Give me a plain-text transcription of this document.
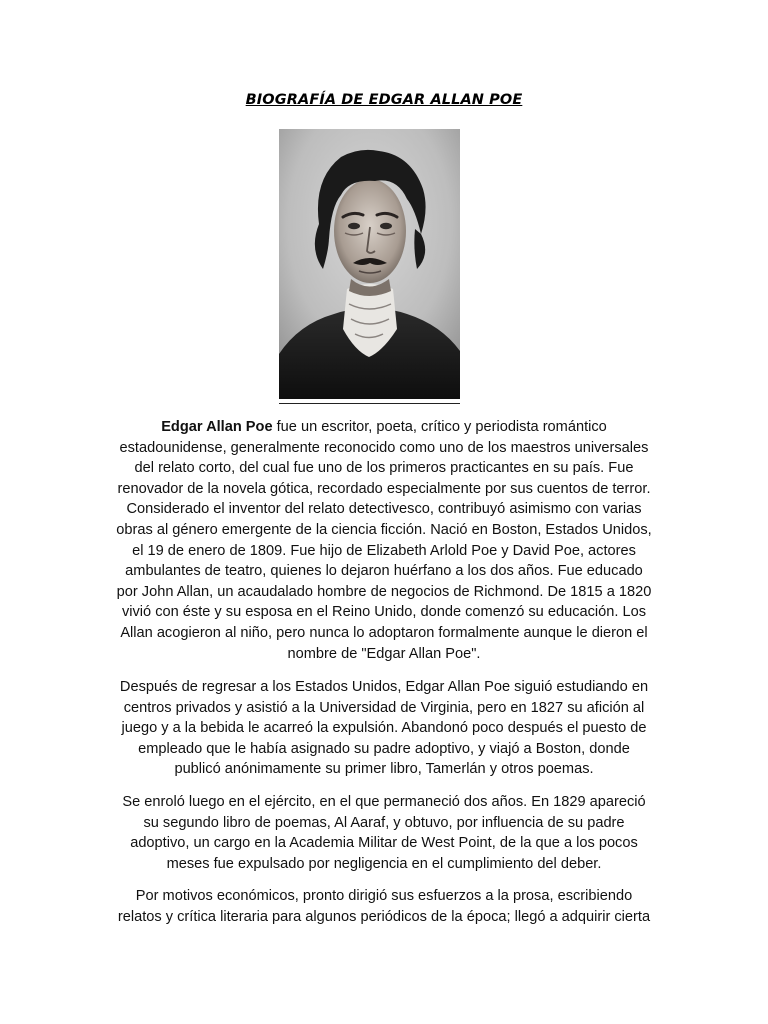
BIOGRAFÍA DE EDGAR ALLAN POE
Edgar Allan Poe fue un escritor, poeta, crítico y periodista romántico
estadounidense, generalmente reconocido como uno de los maestros universales
del relato corto, del cual fue uno de los primeros practicantes en su país. Fue
renovador de la novela gótica, recordado especialmente por sus cuentos de terror.
Considerado el inventor del relato detectivesco, contribuyó asimismo con varias
obras al género emergente de la ciencia ficción. Nació en Boston, Estados Unidos,
el 19 de enero de 1809. Fue hijo de Elizabeth Arlold Poe y David Poe, actores
ambulantes de teatro, quienes lo dejaron huérfano a los dos años. Fue educado
por John Allan, un acaudalado hombre de negocios de Richmond. De 1815 a 1820
vivió con éste y su esposa en el Reino Unido, donde comenzó su educación. Los
Allan acogieron al niño, pero nunca lo adoptaron formalmente aunque le dieron el
nombre de "Edgar Allan Poe".
Después de regresar a los Estados Unidos, Edgar Allan Poe siguió estudiando en
centros privados y asistió a la Universidad de Virginia, pero en 1827 su afición al
juego y a la bebida le acarreó la expulsión. Abandonó poco después el puesto de
empleado que le había asignado su padre adoptivo, y viajó a Boston, donde
publicó anónimamente su primer libro, Tamerlán y otros poemas.
Se enroló luego en el ejército, en el que permaneció dos años. En 1829 apareció
su segundo libro de poemas, Al Aaraf, y obtuvo, por influencia de su padre
adoptivo, un cargo en la Academia Militar de West Point, de la que a los pocos
meses fue expulsado por negligencia en el cumplimiento del deber.
Por motivos económicos, pronto dirigió sus esfuerzos a la prosa, escribiendo
relatos y crítica literaria para algunos periódicos de la época; llegó a adquirir cierta
